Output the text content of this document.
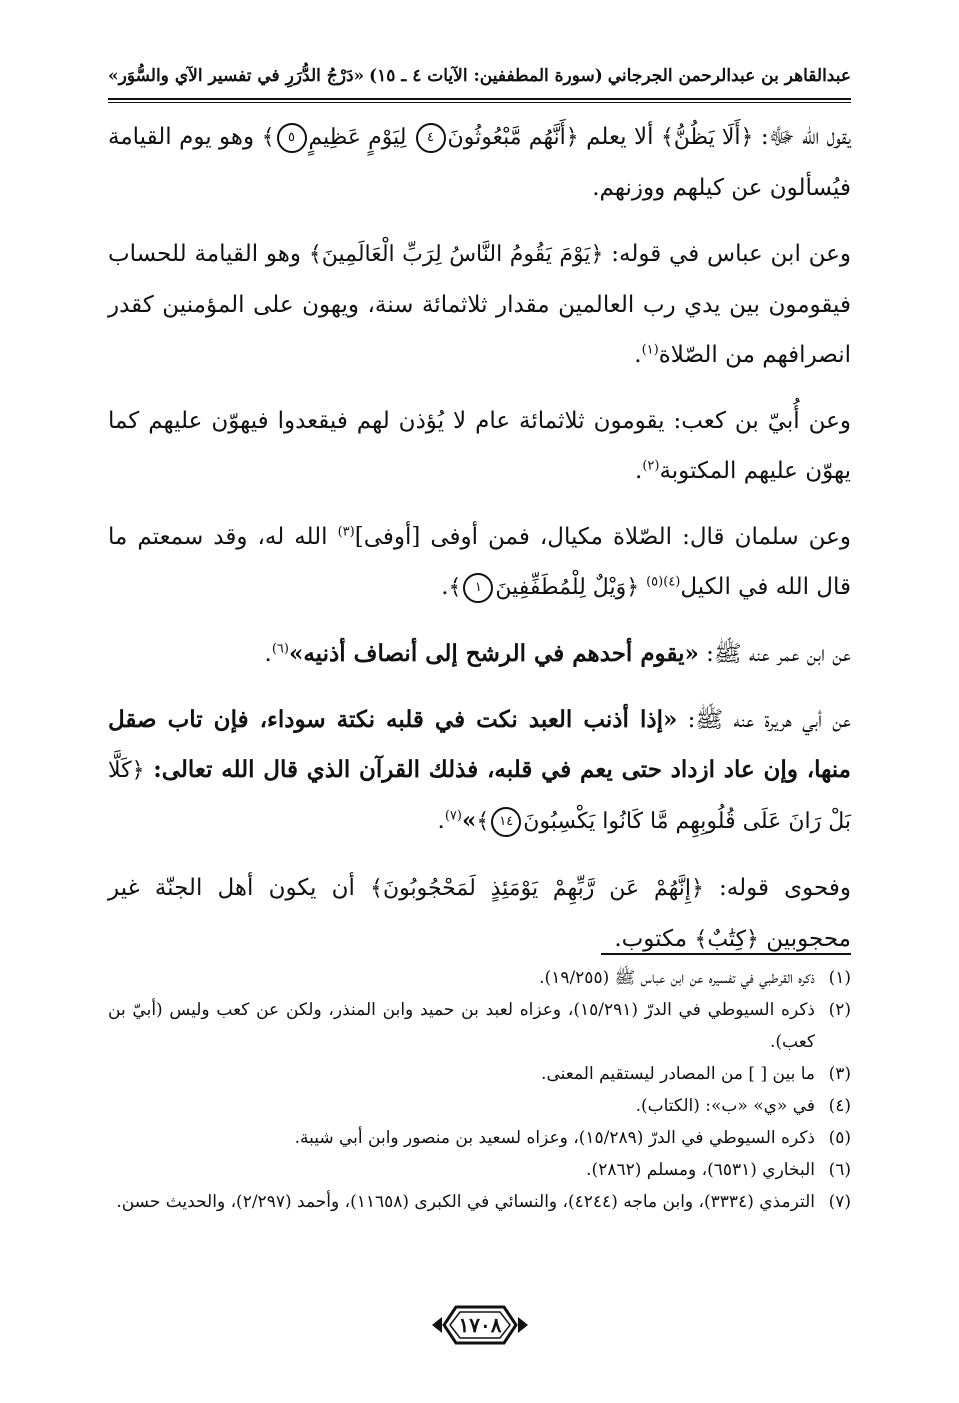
عبدالقاهر بن عبدالرحمن الجرجاني
(سورة المطففين: الآيات ٤ ـ ١٥)
«دَرْجُ الدُّرَرِ في تفسير الآي والسُّوَر»

يقول الله ﷻ: ﴿أَلَا يَظُنُّ﴾ ألا يعلم ﴿أَنَّهُم مَّبْعُوثُونَ٤ لِيَوْمٍ عَظِيمٍ٥﴾ وهو يوم القيامة فيُسألون عن كيلهم ووزنهم.

وعن ابن عباس في قوله: ﴿يَوْمَ يَقُومُ النَّاسُ لِرَبِّ الْعَالَمِينَ﴾ وهو القيامة للحساب فيقومون بين يدي رب العالمين مقدار ثلاثمائة سنة، ويهون على المؤمنين كقدر انصرافهم من الصّلاة$^{(١)}$.

وعن أُبيّ بن كعب: يقومون ثلاثمائة عام لا يُؤذن لهم فيقعدوا فيهوّن عليهم كما يهوّن عليهم المكتوبة$^{(٢)}$.

وعن سلمان قال: الصّلاة مكيال، فمن أوفى [أوفى]$^{(٣)}$ الله له، وقد سمعتم ما قال الله في الكيل$^{(٤)(٥)}$ ﴿وَيْلٌ لِلْمُطَفِّفِينَ١﴾.

عن ابن عمر عنه ﷺ: «يقوم أحدهم في الرشح إلى أنصاف أذنيه»$^{(٦)}$.

عن أبي هريرة عنه ﷺ: «إذا أذنب العبد نكت في قلبه نكتة سوداء، فإن تاب صقل منها، وإن عاد ازداد حتى يعم في قلبه، فذلك القرآن الذي قال الله تعالى: ﴿كَلَّا بَلْ رَانَ عَلَى قُلُوبِهِم مَّا كَانُوا يَكْسِبُونَ١٤﴾»$^{(٧)}$.

وفحوى قوله: ﴿إِنَّهُمْ عَن رَّبِّهِمْ يَوْمَئِذٍ لَمَحْجُوبُونَ﴾ أن يكون أهل الجنّة غير محجوبين ﴿كِتَٰبٌ﴾ مكتوب.

(١)
ذكره القرطبي في تفسيره عن ابن عباس ﷺ (١٩/٢٥٥).

(٢)
ذكره السيوطي في الدرّ (١٥/٢٩١)، وعزاه لعبد بن حميد وابن المنذر، ولكن عن كعب وليس (أبيّ بن كعب).

(٣)
ما بين [ ] من المصادر ليستقيم المعنى.

(٤)
في «ي» «ب»: (الكتاب).

(٥)
ذكره السيوطي في الدرّ (١٥/٢٨٩)، وعزاه لسعيد بن منصور وابن أبي شيبة.

(٦)
البخاري (٦٥٣١)، ومسلم (٢٨٦٢).

(٧)
الترمذي (٣٣٣٤)، وابن ماجه (٤٢٤٤)، والنسائي في الكبرى (١١٦٥٨)، وأحمد (٢/٢٩٧)، والحديث حسن.

١٧٠٨
